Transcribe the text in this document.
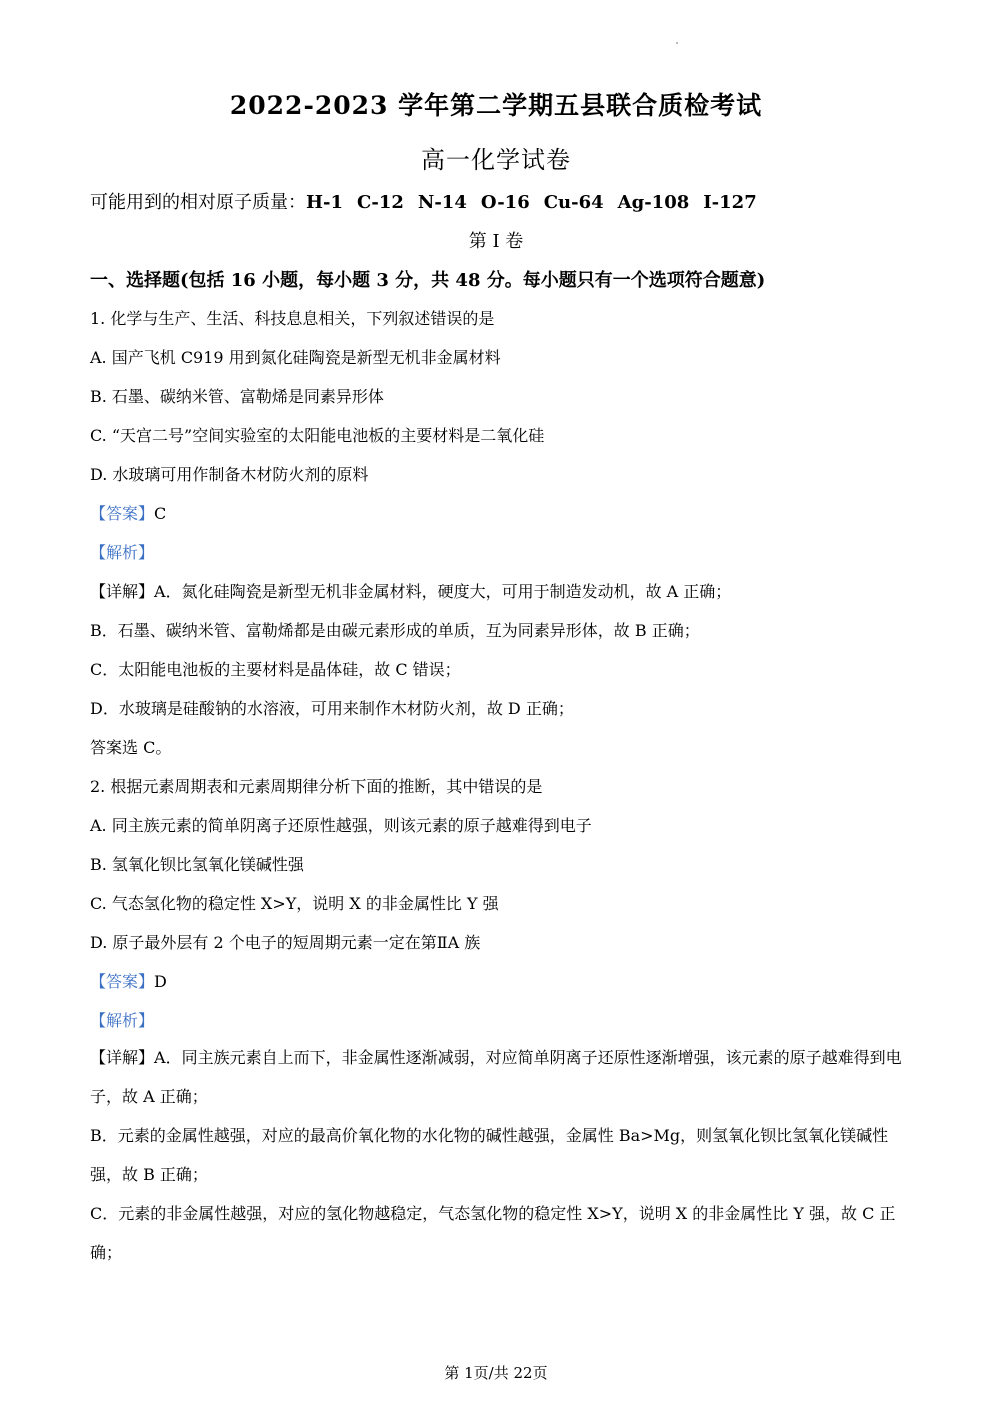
2022-2023 学年第二学期五县联合质检考试
高一化学试卷
可能用到的相对原子质量：H-1 C-12 N-14 O-16 Cu-64 Ag-108 I-127
第 I 卷
一、选择题(包括 16 小题，每小题 3 分，共 48 分。每小题只有一个选项符合题意)
1. 化学与生产、生活、科技息息相关，下列叙述错误的是
A. 国产飞机 C919 用到氮化硅陶瓷是新型无机非金属材料
B. 石墨、碳纳米管、富勒烯是同素异形体
C. “天宫二号”空间实验室的太阳能电池板的主要材料是二氧化硅
D. 水玻璃可用作制备木材防火剂的原料
【答案】C
【解析】
【详解】A．氮化硅陶瓷是新型无机非金属材料，硬度大，可用于制造发动机，故 A 正确；
B．石墨、碳纳米管、富勒烯都是由碳元素形成的单质，互为同素异形体，故 B 正确；
C．太阳能电池板的主要材料是晶体硅，故 C 错误；
D．水玻璃是硅酸钠的水溶液，可用来制作木材防火剂，故 D 正确；
答案选 C。
2. 根据元素周期表和元素周期律分析下面的推断，其中错误的是
A. 同主族元素的简单阴离子还原性越强，则该元素的原子越难得到电子
B. 氢氧化钡比氢氧化镁碱性强
C. 气态氢化物的稳定性 X>Y，说明 X 的非金属性比 Y 强
D. 原子最外层有 2 个电子的短周期元素一定在第ⅡA 族
【答案】D
【解析】
【详解】A．同主族元素自上而下，非金属性逐渐减弱，对应简单阴离子还原性逐渐增强，该元素的原子越难得到电子，故 A 正确；
B．元素的金属性越强，对应的最高价氧化物的水化物的碱性越强，金属性 Ba>Mg，则氢氧化钡比氢氧化镁碱性强，故 B 正确；
C．元素的非金属性越强，对应的氢化物越稳定，气态氢化物的稳定性 X>Y，说明 X 的非金属性比 Y 强，故 C 正确；
第 1页/共 22页
